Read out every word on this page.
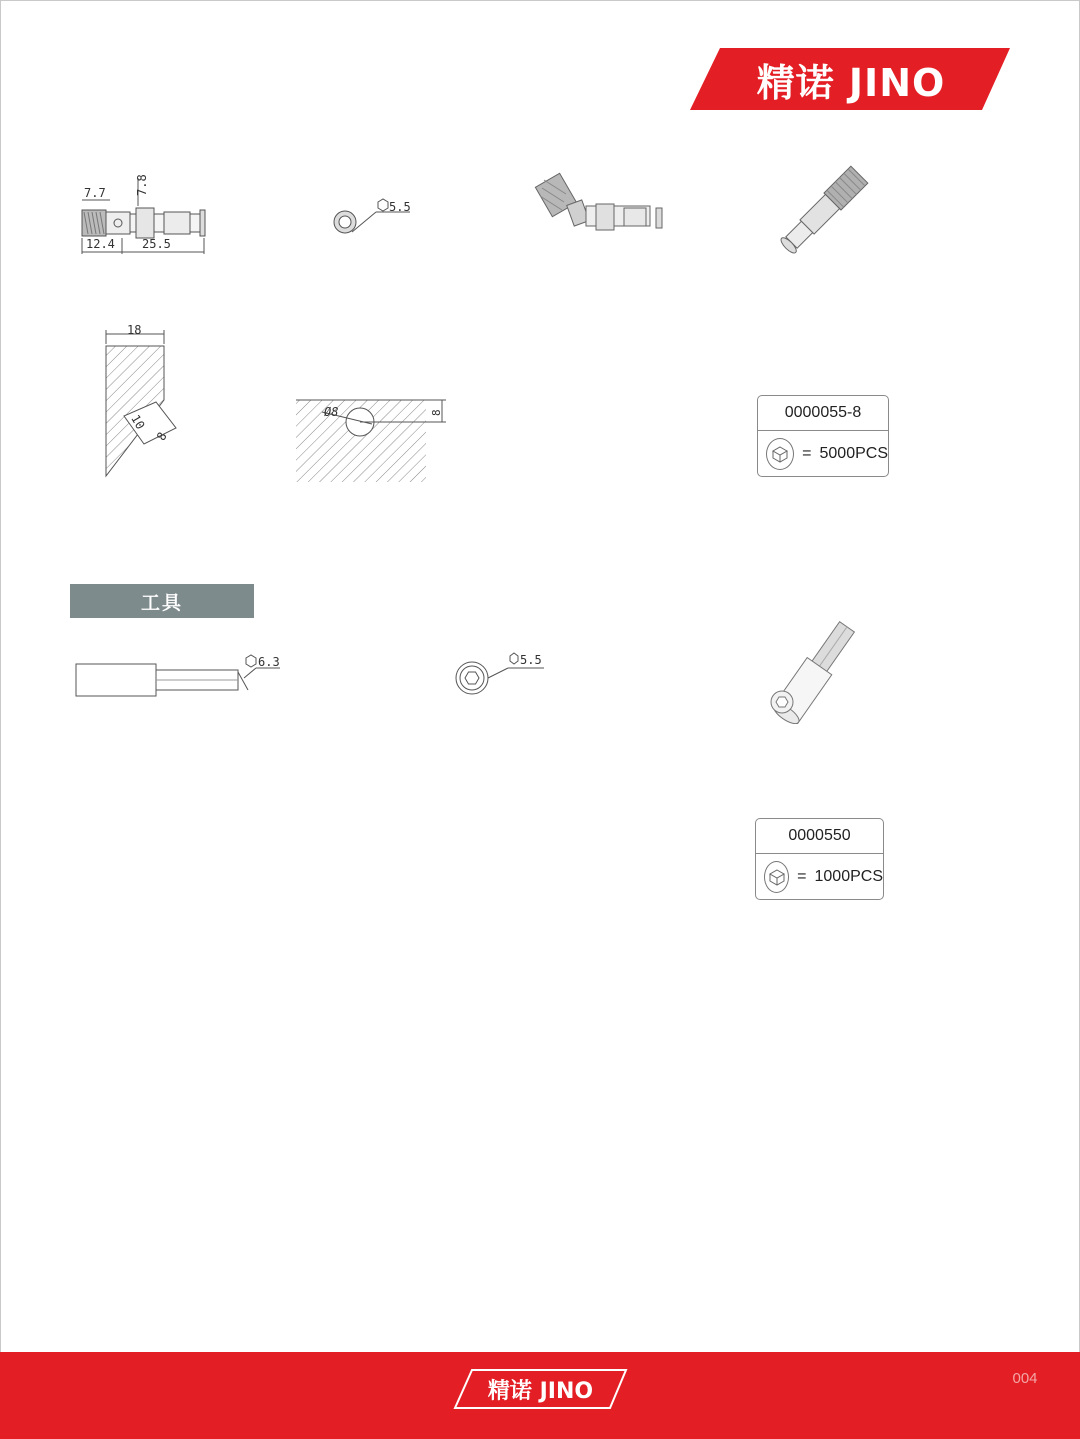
精诺 JINO
7.7 7.8
12.4 25.5
5.5
18
10
8
Ø8	8	0000055-8
= 5000PCS
工具
6.3	5.5
0000550
= 1000PCS
精诺 JINO	004
